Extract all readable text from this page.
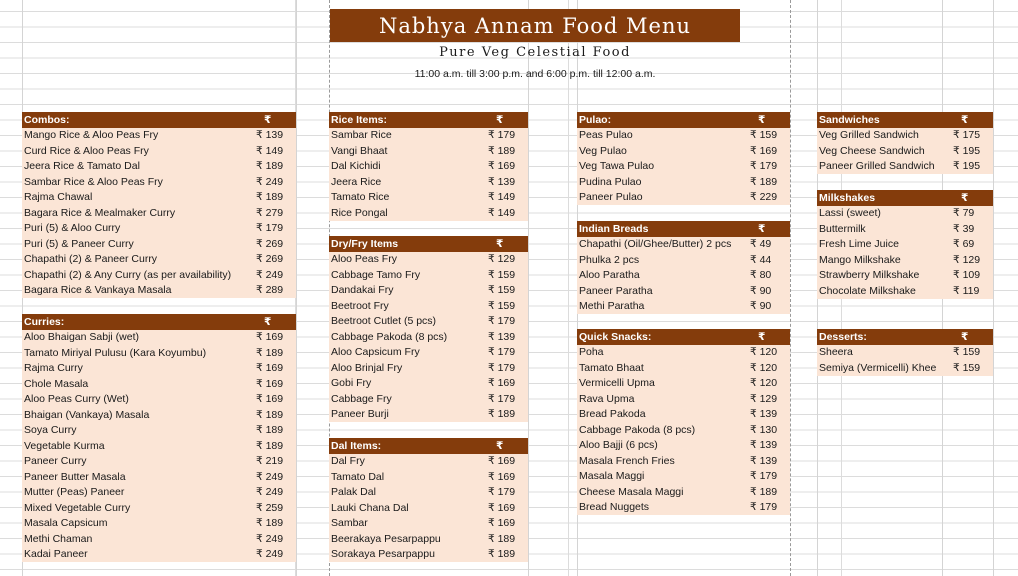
Nabhya Annam Food Menu
Pure Veg Celestial Food
11:00 a.m. till 3:00 p.m. and 6:00 p.m. till 12:00 a.m.
Combos:	₹
Mango Rice & Aloo Peas Fry	₹ 139
Curd Rice & Aloo Peas Fry	₹ 149
Jeera Rice & Tamato Dal	₹ 189
Sambar Rice & Aloo Peas Fry	₹ 249
Rajma Chawal	₹ 189
Bagara Rice & Mealmaker Curry	₹ 279
Puri (5) & Aloo Curry	₹ 179
Puri (5) & Paneer Curry	₹ 269
Chapathi (2) & Paneer Curry	₹ 269
Chapathi (2) & Any Curry (as per availability)	₹ 249
Bagara Rice & Vankaya Masala	₹ 289
Curries:	₹
Aloo Bhaigan Sabji (wet)	₹ 169
Tamato Miriyal Pulusu (Kara Koyumbu)	₹ 189
Rajma Curry	₹ 169
Chole Masala	₹ 169
Aloo Peas Curry (Wet)	₹ 169
Bhaigan (Vankaya) Masala	₹ 189
Soya Curry	₹ 189
Vegetable Kurma	₹ 189
Paneer Curry	₹ 219
Paneer Butter Masala	₹ 249
Mutter (Peas) Paneer	₹ 249
Mixed Vegetable Curry	₹ 259
Masala Capsicum	₹ 189
Methi Chaman	₹ 249
Kadai Paneer	₹ 249
Rice Items:	₹
Sambar Rice	₹ 179
Vangi Bhaat	₹ 189
Dal Kichidi	₹ 169
Jeera Rice	₹ 139
Tamato Rice	₹ 149
Rice Pongal	₹ 149
Dry/Fry Items	₹
Aloo Peas Fry	₹ 129
Cabbage Tamo Fry	₹ 159
Dandakai Fry	₹ 159
Beetroot Fry	₹ 159
Beetroot Cutlet (5 pcs)	₹ 179
Cabbage Pakoda (8 pcs)	₹ 139
Aloo Capsicum Fry	₹ 179
Aloo Brinjal Fry	₹ 179
Gobi Fry	₹ 169
Cabbage Fry	₹ 179
Paneer Burji	₹ 189
Dal Items:	₹
Dal Fry	₹ 169
Tamato Dal	₹ 169
Palak Dal	₹ 179
Lauki Chana Dal	₹ 169
Sambar	₹ 169
Beerakaya Pesarpappu	₹ 189
Sorakaya Pesarpappu	₹ 189
Pulao:	₹
Peas Pulao	₹ 159
Veg Pulao	₹ 169
Veg Tawa Pulao	₹ 179
Pudina Pulao	₹ 189
Paneer Pulao	₹ 229
Indian Breads	₹
Chapathi (Oil/Ghee/Butter) 2 pcs	₹ 49
Phulka 2 pcs	₹ 44
Aloo Paratha	₹ 80
Paneer Paratha	₹ 90
Methi Paratha	₹ 90
Quick Snacks:	₹
Poha	₹ 120
Tamato Bhaat	₹ 120
Vermicelli Upma	₹ 120
Rava Upma	₹ 129
Bread Pakoda	₹ 139
Cabbage Pakoda (8 pcs)	₹ 130
Aloo Bajji (6 pcs)	₹ 139
Masala French Fries	₹ 139
Masala Maggi	₹ 179
Cheese Masala Maggi	₹ 189
Bread Nuggets	₹ 179
Sandwiches	₹
Veg Grilled Sandwich	₹ 175
Veg Cheese Sandwich	₹ 195
Paneer Grilled Sandwich	₹ 195
Milkshakes	₹
Lassi (sweet)	₹ 79
Buttermilk	₹ 39
Fresh Lime Juice	₹ 69
Mango Milkshake	₹ 129
Strawberry Milkshake	₹ 109
Chocolate Milkshake	₹ 119
Desserts:	₹
Sheera	₹ 159
Semiya (Vermicelli) Khee	₹ 159
